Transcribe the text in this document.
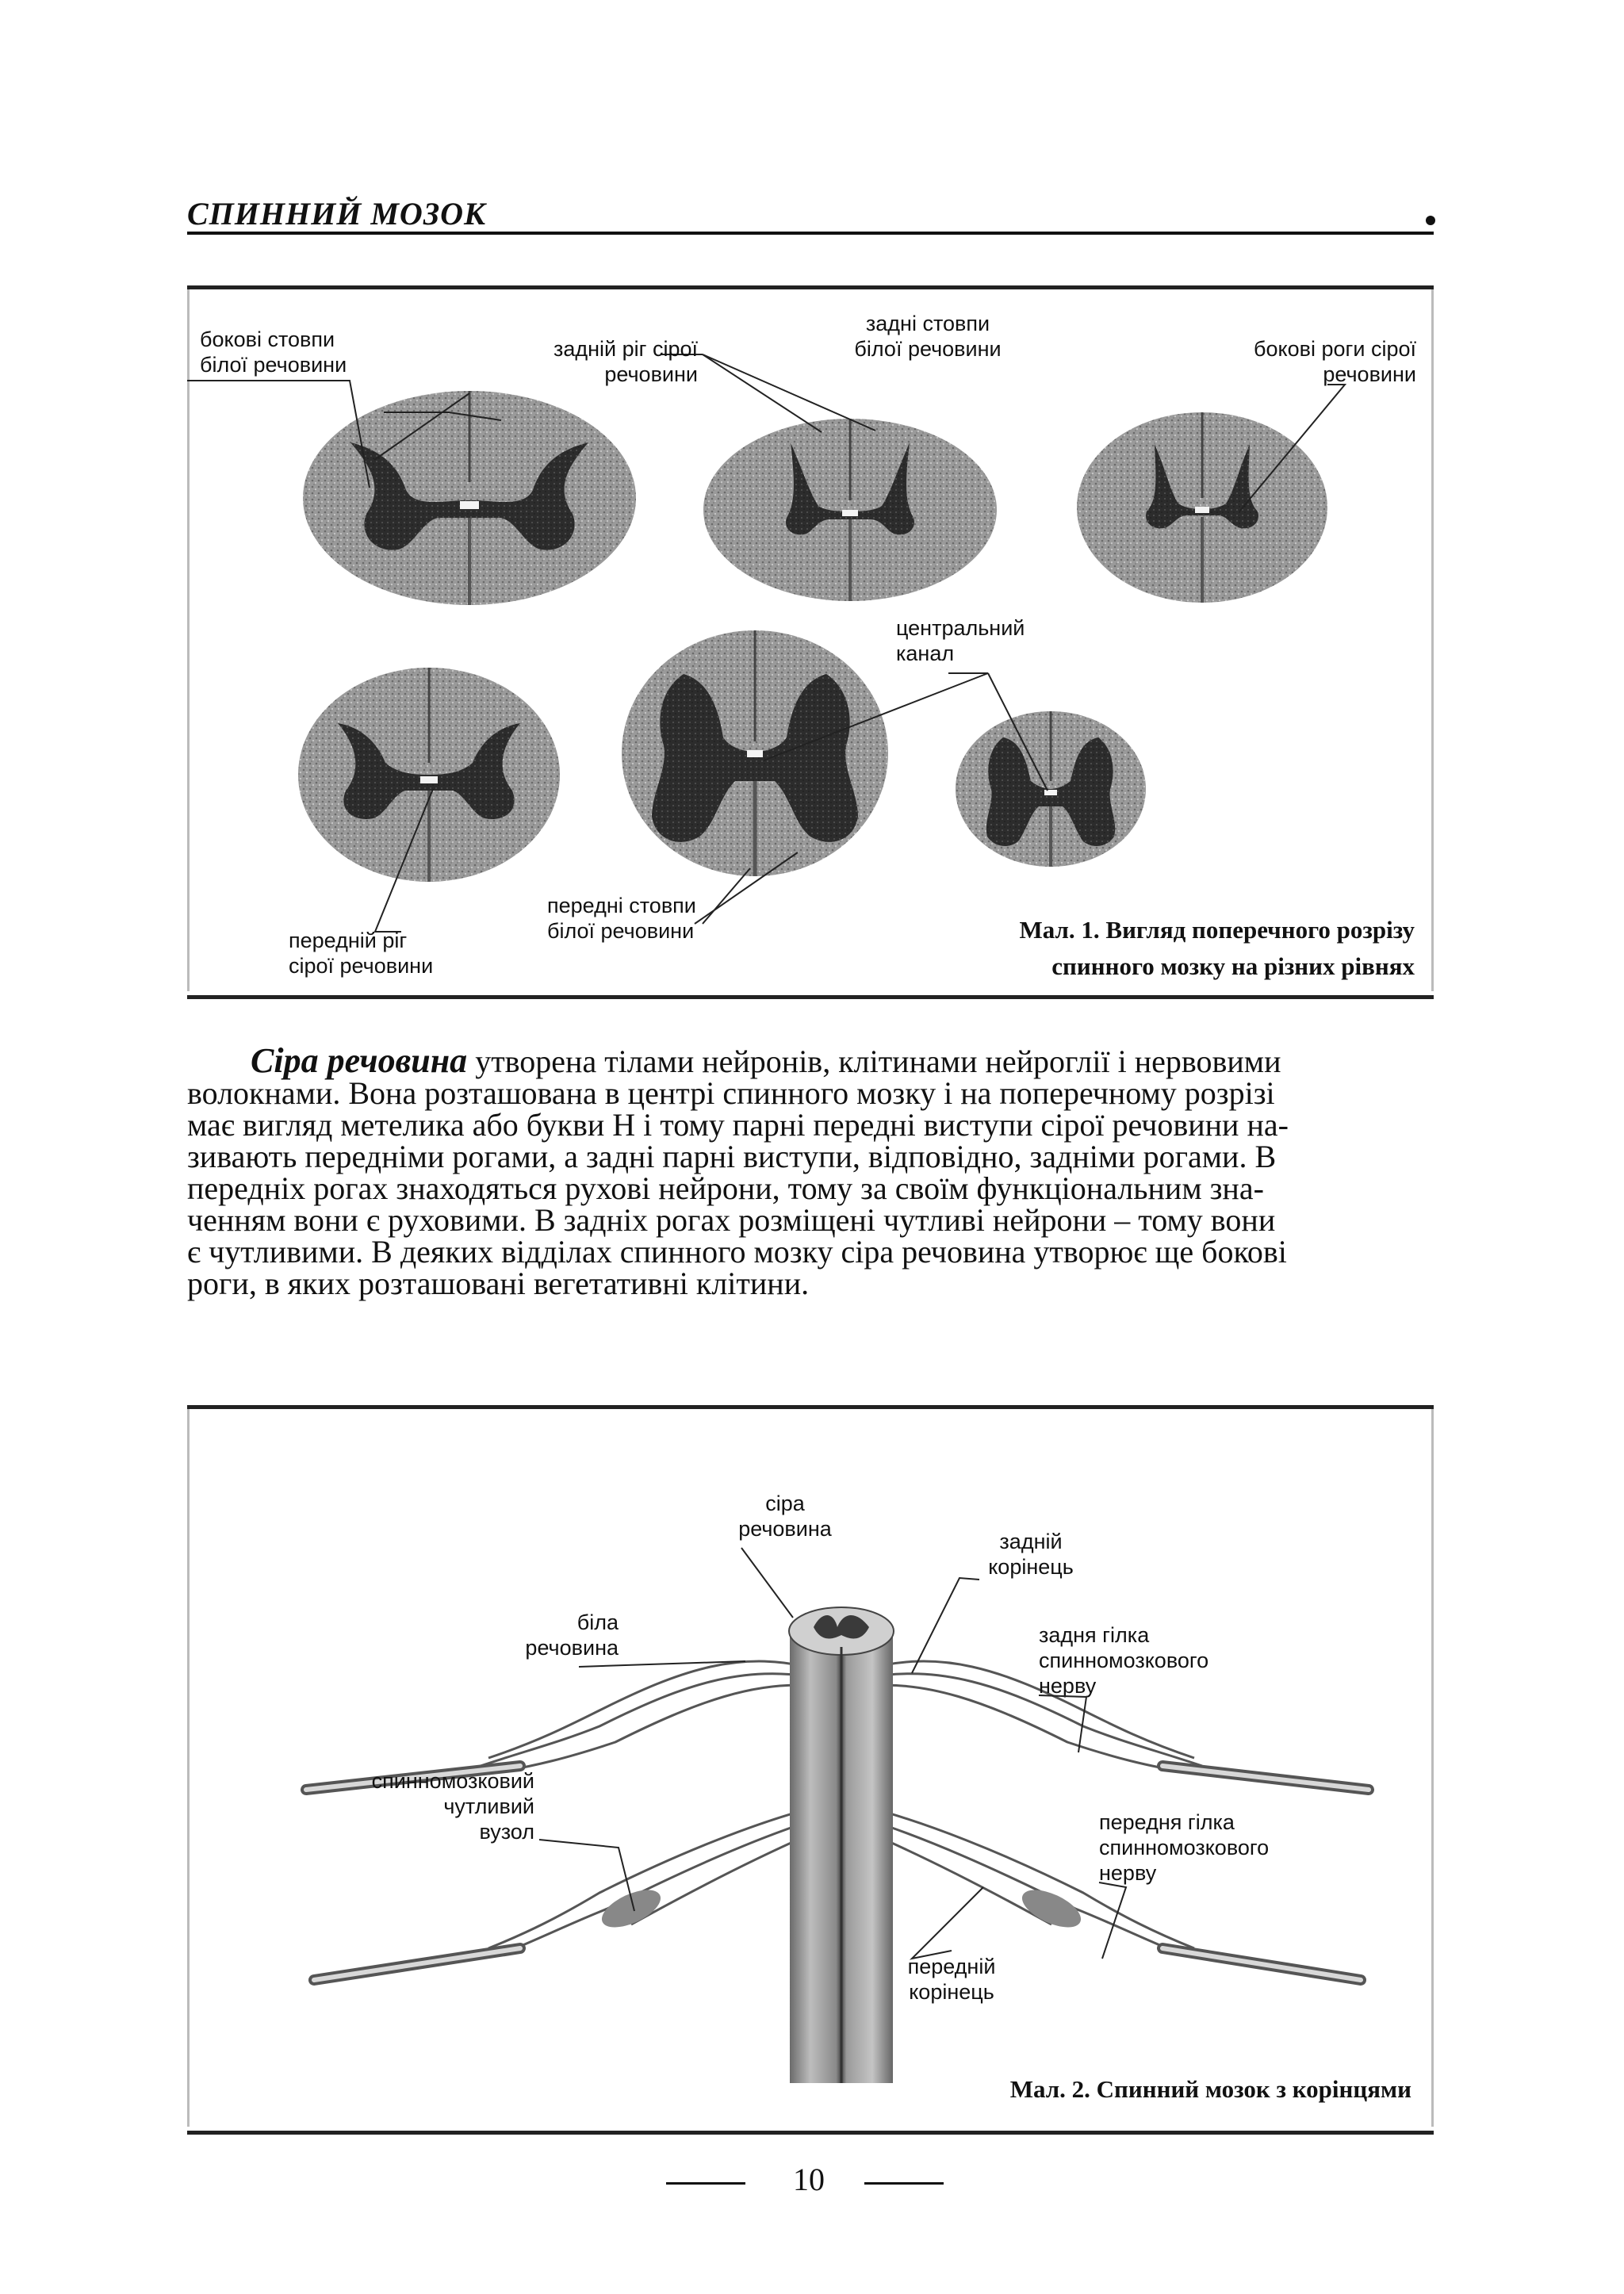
СПИННИЙ МОЗОК
бокові стовпи
білої речовини
задній ріг сірої
речовини
задні стовпи
білої речовини	бокові роги сірої
речовини
центральний
канал
передні стовпи
білої речовини
передній ріг
сірої речовини
Мал. 1. Вигляд поперечного розрізу
спинного мозку на різних рівнях
Сіра речовина утворена тілами нейронів, клітинами нейроглії і нервовими
волокнами. Вона розташована в центрі спинного мозку і на поперечному розрізі
має вигляд метелика або букви Н і тому парні передні виступи сірої речовини на-
зивають передніми рогами, а задні парні виступи, відповідно, задніми рогами. В
передніх рогах знаходяться рухові нейрони, тому за своїм функціональним зна-
ченням вони є руховими. В задніх рогах розміщені чутливі нейрони – тому вони
є чутливими. В деяких відділах спинного мозку сіра речовина утворює ще бокові
роги, в яких розташовані вегетативні клітини.
сіра
речовина
задній
корінець
біла
речовина
задня гілка
спинномозкового
нерву
спинномозковий
чутливий
вузол	передня гілка
спинномозкового
нерву
передній
корінець
Мал. 2. Спинний мозок з корінцями
10
